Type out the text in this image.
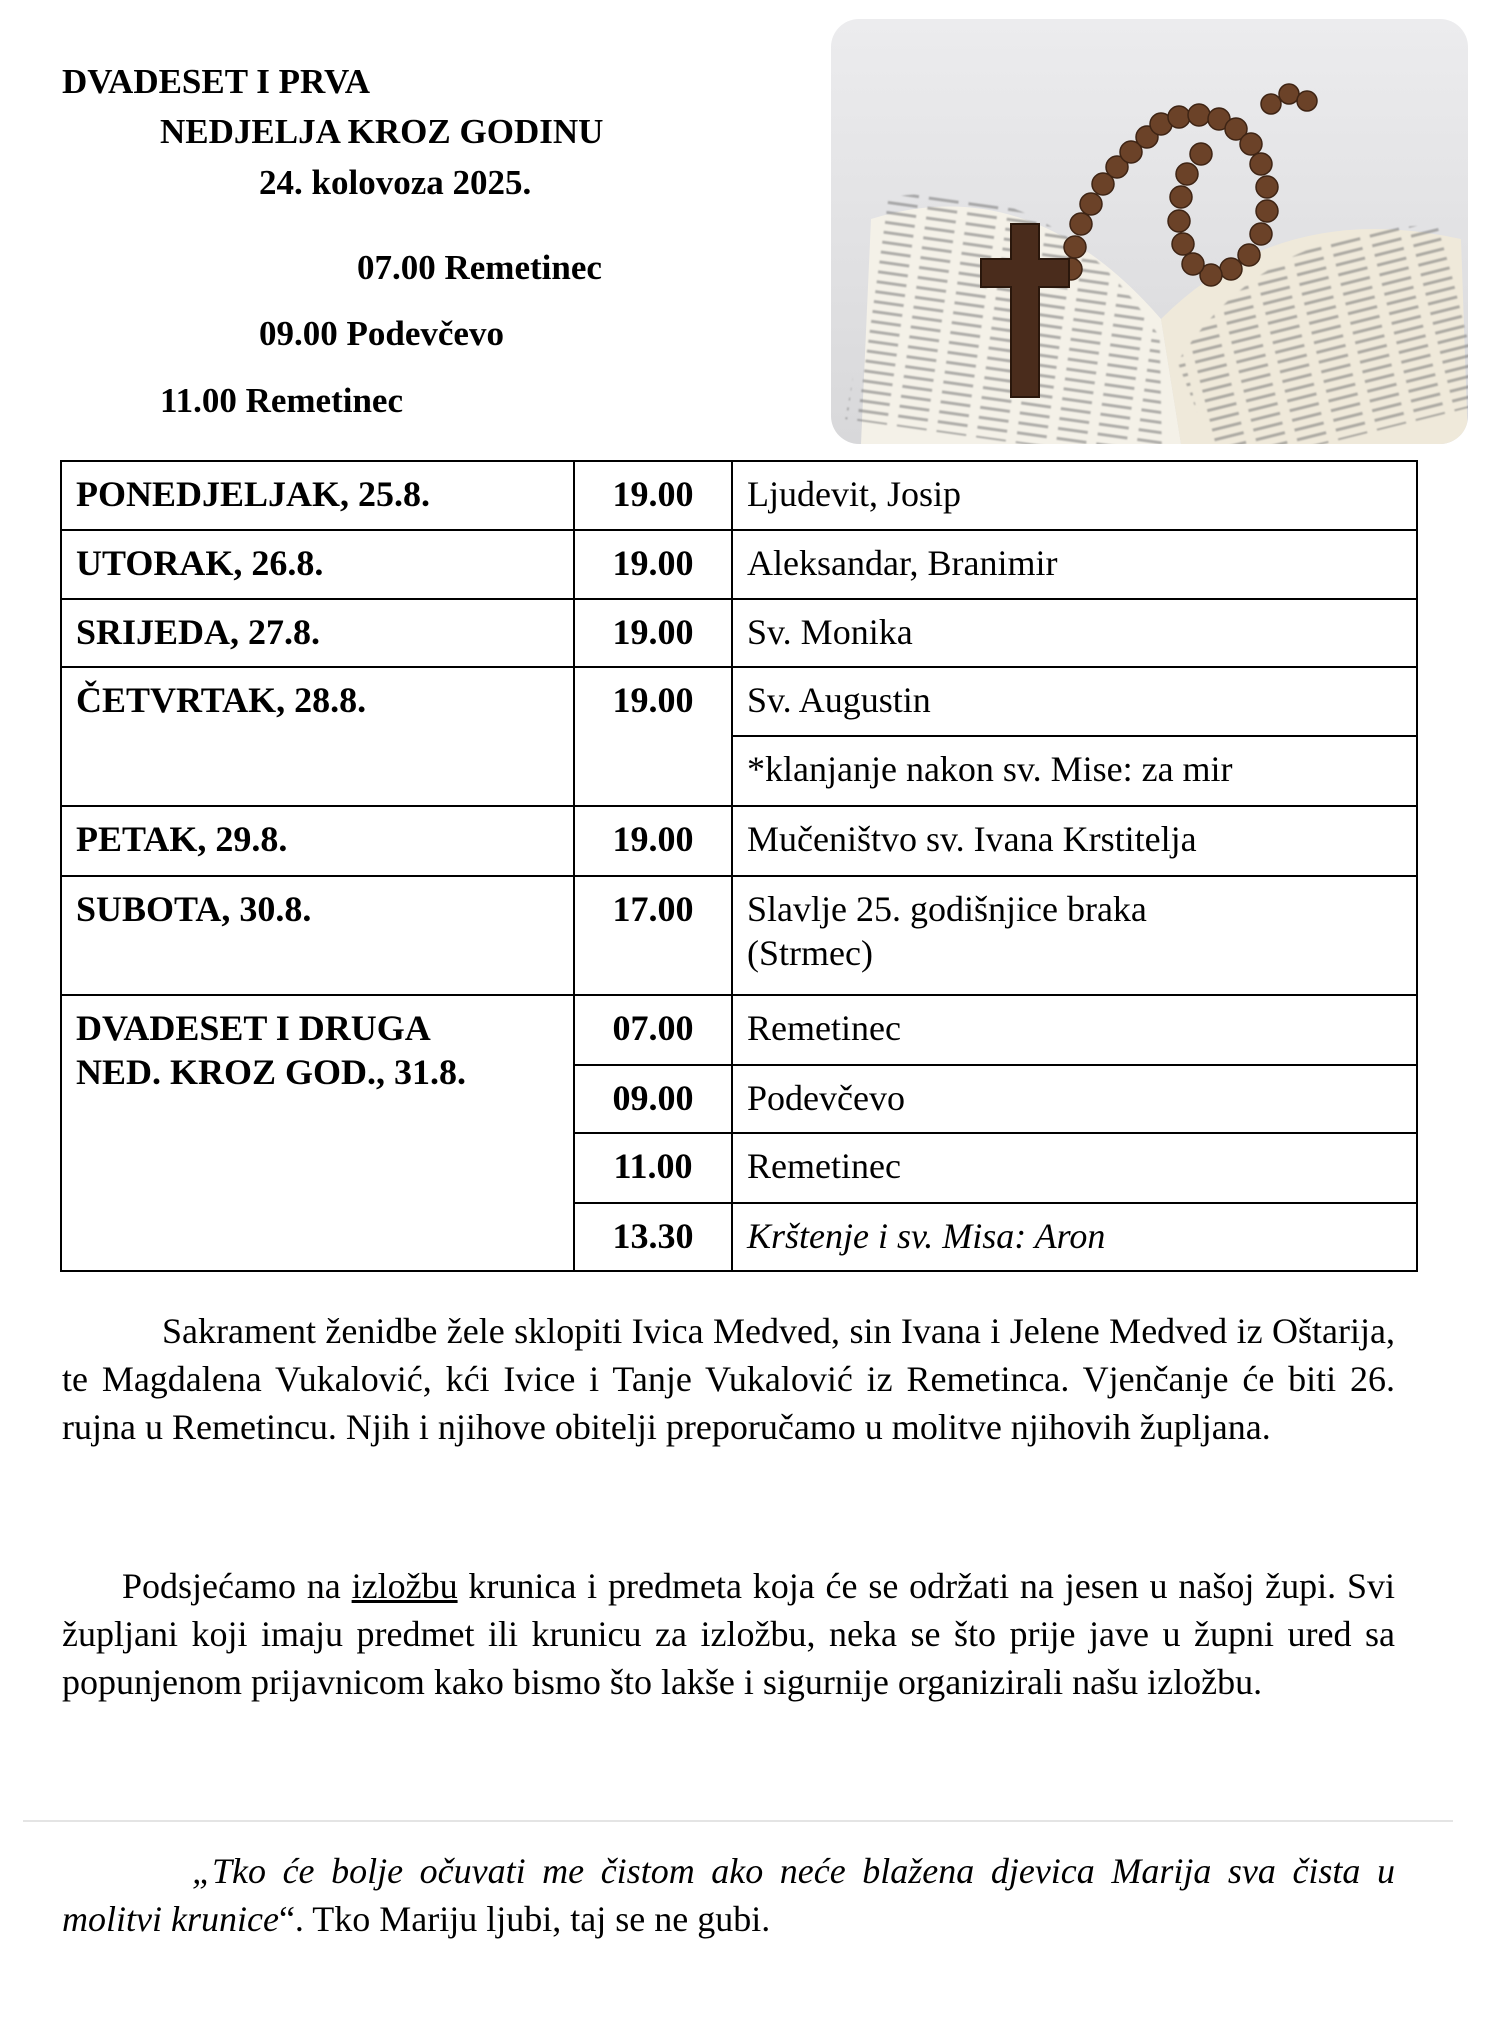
DVADESET I PRVA
NEDJELJA KROZ GODINU
24. kolovoza 2025.
07.00 Remetinec
09.00 Podevčevo
11.00 Remetinec
PONEDJELJAK, 25.8.	19.00	Ljudevit, Josip
UTORAK, 26.8.	19.00	Aleksandar, Branimir
SRIJEDA, 27.8.	19.00	Sv. Monika
ČETVRTAK, 28.8.	19.00	Sv. Augustin
		*klanjanje nakon sv. Mise: za mir
PETAK, 29.8.	19.00	Mučeništvo sv. Ivana Krstitelja
SUBOTA, 30.8.	17.00	Slavlje 25. godišnjice braka
(Strmec)

DVADESET I DRUGA
NED. KROZ GOD., 31.8.	07.00	Remetinec
	09.00	Podevčevo
	11.00	Remetinec
	13.30	Krštenje i sv. Misa: Aron

Sakrament ženidbe žele sklopiti Ivica Medved, sin Ivana i Jelene Medved iz Oštarija, te Magdalena Vukalović, kći Ivice i Tanje Vukalović iz Remetinca. Vjenčanje će biti 26. rujna u Remetincu. Njih i njihove obitelji preporučamo u molitve njihovih župljana.

Podsjećamo na izložbu krunica i predmeta koja će se održati na jesen u našoj župi. Svi župljani koji imaju predmet ili krunicu za izložbu, neka se što prije jave u župni ured sa popunjenom prijavnicom kako bismo što lakše i sigurnije organizirali našu izložbu.

„Tko će bolje očuvati me čistom ako neće blažena djevica Marija sva čista u molitvi krunice“. Tko Mariju ljubi, taj se ne gubi.
